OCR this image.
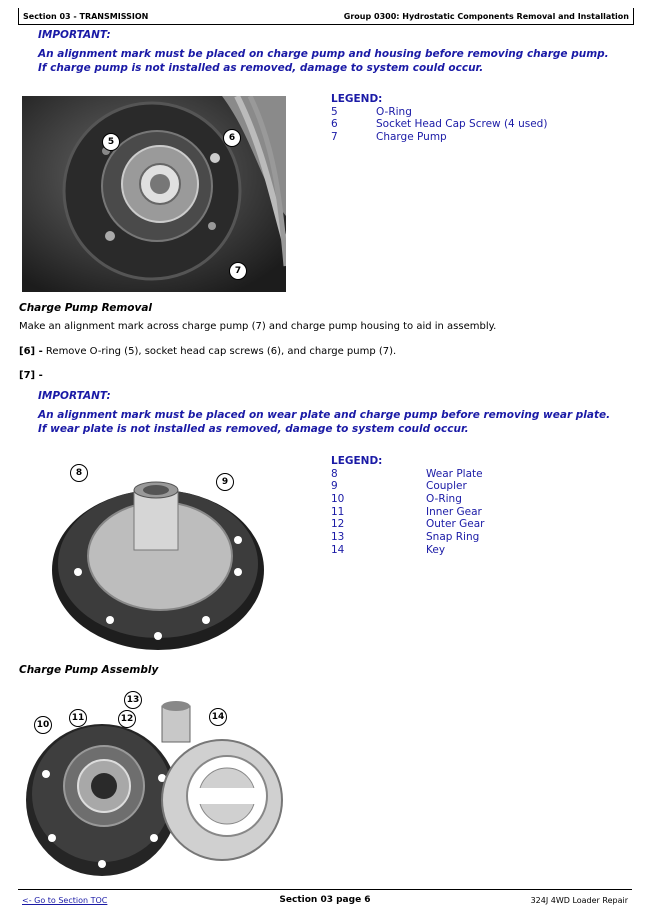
Section 03 - TRANSMISSION	Group 0300: Hydrostatic Components Removal and Installation
IMPORTANT:
An alignment mark must be placed on charge pump and housing before removing charge pump. If charge pump is not installed as removed, damage to system could occur.
5	6
7
LEGEND:
5	O-Ring
6	Socket Head Cap Screw (4 used)
7	Charge Pump
Charge Pump Removal
Make an alignment mark across charge pump (7) and charge pump housing to aid in assembly.
[6] - Remove O-ring (5), socket head cap screws (6), and charge pump (7).
[7] -
IMPORTANT:
An alignment mark must be placed on wear plate and charge pump before removing wear plate. If wear plate is not installed as removed, damage to system could occur.
8
9
LEGEND:
8	Wear Plate
9	Coupler
10	O-Ring
11	Inner Gear
12	Outer Gear
13	Snap Ring
14	Key
Charge Pump Assembly
13
14
10
11	12
<- Go to Section TOC	Section 03 page 6	324J 4WD Loader Repair
